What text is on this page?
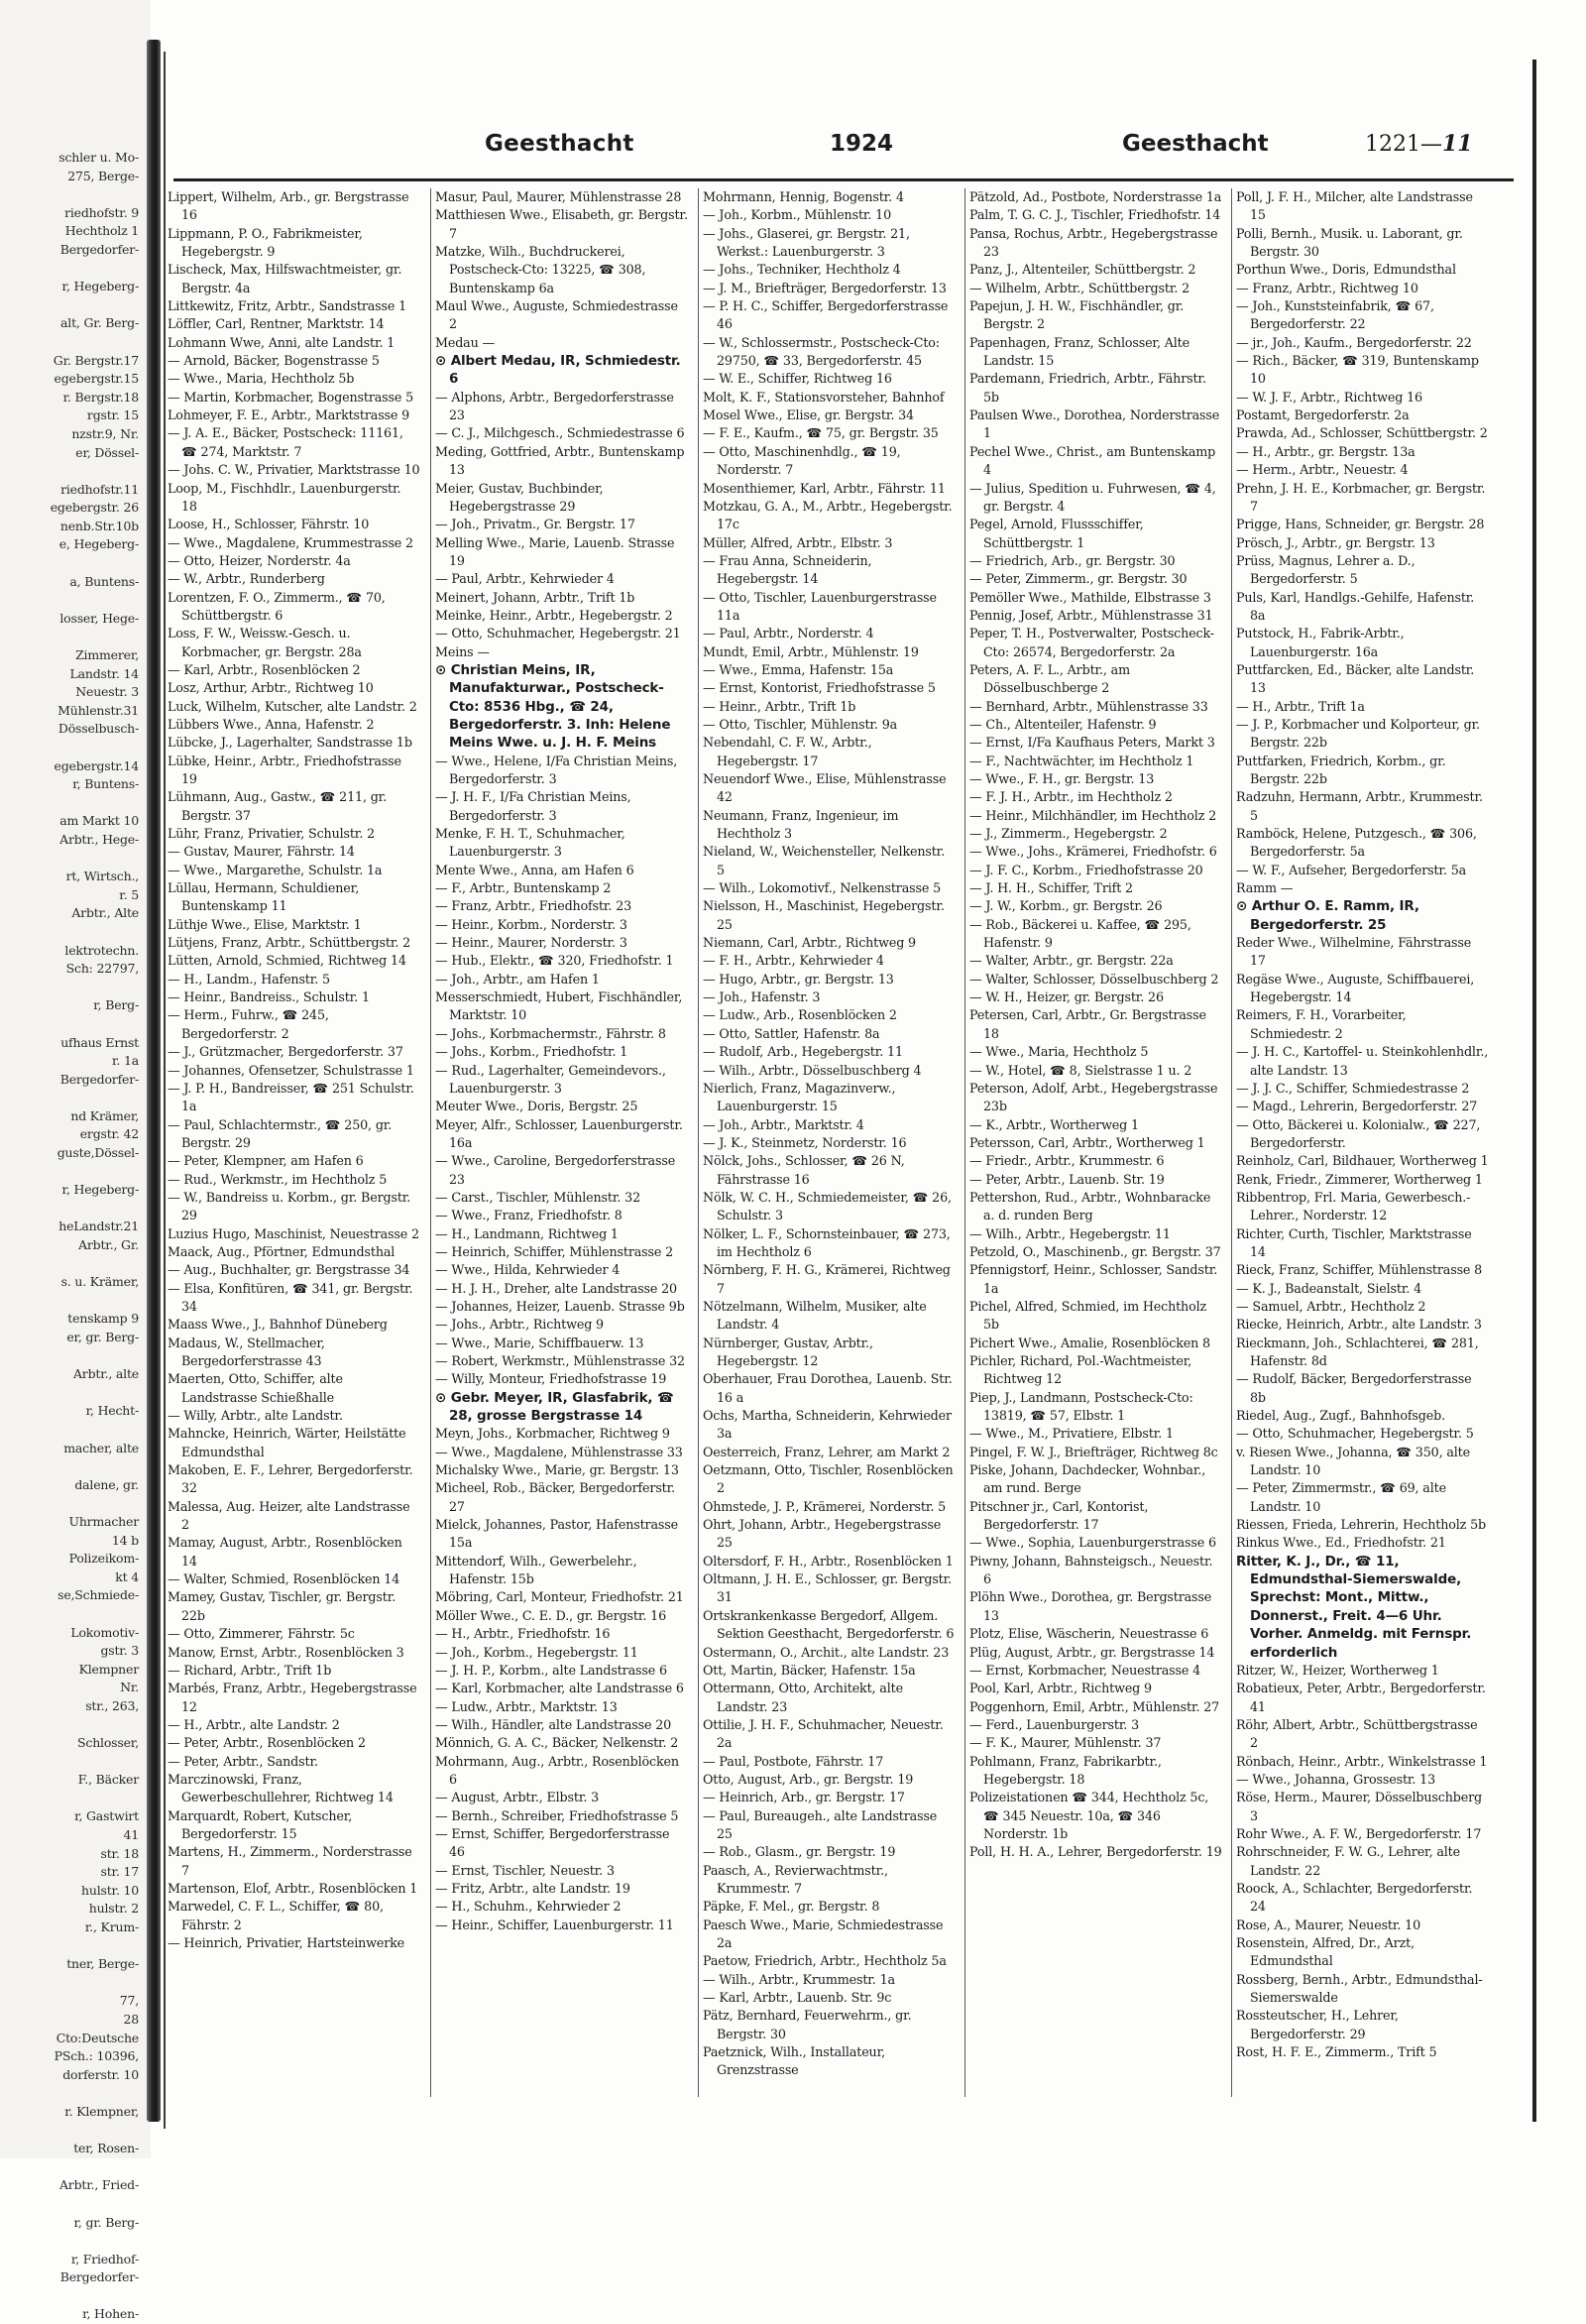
schler u. Mo-
275, Berge-

riedhofstr. 9
Hechtholz 1
Bergedorfer-

r, Hegeberg-

alt, Gr. Berg-

Gr. Bergstr.17
egebergstr.15
r. Bergstr.18
rgstr. 15
nzstr.9, Nr.
er, Dössel-

riedhofstr.11
egebergstr. 26
nenb.Str.10b
e, Hegeberg-

a, Buntens-

losser, Hege-

Zimmerer,
Landstr. 14
Neuestr. 3
Mühlenstr.31
Dösselbusch-

egebergstr.14
r, Buntens-

am Markt 10
Arbtr., Hege-

rt, Wirtsch.,
r. 5
Arbtr., Alte

lektrotechn.
Sch: 22797,

r, Berg-

ufhaus Ernst
r. 1a
Bergedorfer-

nd Krämer,
ergstr. 42
guste,Dössel-

r, Hegeberg-

heLandstr.21
Arbtr., Gr.

s. u. Krämer,

tenskamp 9
er, gr. Berg-

Arbtr., alte

r, Hecht-

macher, alte

dalene, gr.

Uhrmacher
14 b
Polizeikom-
kt 4
se,Schmiede-

Lokomotiv-
gstr. 3
Klempner
Nr.
str., 263,

Schlosser,

F., Bäcker

r, Gastwirt
41
str. 18
str. 17
hulstr. 10
hulstr. 2
r., Krum-

tner, Berge-

77,
28
Cto:Deutsche
PSch.: 10396,
dorferstr. 10

r. Klempner,

ter, Rosen-

Arbtr., Fried-

r, gr. Berg-

r, Friedhof-
Bergedorfer-

r, Hohen-
Geesthacht	1924	Geesthacht	1221—11
Lippert, Wilhelm, Arb., gr. Bergstrasse 16
Lippmann, P. O., Fabrikmeister, Hegebergstr. 9
Lischeck, Max, Hilfswachtmeister, gr. Bergstr. 4a
Littkewitz, Fritz, Arbtr., Sandstrasse 1
Löffler, Carl, Rentner, Marktstr. 14
Lohmann Wwe, Anni, alte Landstr. 1
— Arnold, Bäcker, Bogenstrasse 5
— Wwe., Maria, Hechtholz 5b
— Martin, Korbmacher, Bogenstrasse 5
Lohmeyer, F. E., Arbtr., Marktstrasse 9
— J. A. E., Bäcker, Postscheck: 11161, ☎ 274, Marktstr. 7
— Johs. C. W., Privatier, Marktstrasse 10
Loop, M., Fischhdlr., Lauenburgerstr. 18
Loose, H., Schlosser, Fährstr. 10
— Wwe., Magdalene, Krummestrasse 2
— Otto, Heizer, Norderstr. 4a
— W., Arbtr., Runderberg
Lorentzen, F. O., Zimmerm., ☎ 70, Schüttbergstr. 6
Loss, F. W., Weissw.-Gesch. u. Korbmacher, gr. Bergstr. 28a
— Karl, Arbtr., Rosenblöcken 2
Losz, Arthur, Arbtr., Richtweg 10
Luck, Wilhelm, Kutscher, alte Landstr. 2
Lübbers Wwe., Anna, Hafenstr. 2
Lübcke, J., Lagerhalter, Sandstrasse 1b
Lübke, Heinr., Arbtr., Friedhofstrasse 19
Lühmann, Aug., Gastw., ☎ 211, gr. Bergstr. 37
Lühr, Franz, Privatier, Schulstr. 2
— Gustav, Maurer, Fährstr. 14
— Wwe., Margarethe, Schulstr. 1a
Lüllau, Hermann, Schuldiener, Buntenskamp 11
Lüthje Wwe., Elise, Marktstr. 1
Lütjens, Franz, Arbtr., Schüttbergstr. 2
Lütten, Arnold, Schmied, Richtweg 14
— H., Landm., Hafenstr. 5
— Heinr., Bandreiss., Schulstr. 1
— Herm., Fuhrw., ☎ 245, Bergedorferstr. 2
— J., Grützmacher, Bergedorferstr. 37
— Johannes, Ofensetzer, Schulstrasse 1
— J. P. H., Bandreisser, ☎ 251 Schulstr. 1a
— Paul, Schlachtermstr., ☎ 250, gr. Bergstr. 29
— Peter, Klempner, am Hafen 6
— Rud., Werkmstr., im Hechtholz 5
— W., Bandreiss u. Korbm., gr. Bergstr. 29
Luzius Hugo, Maschinist, Neuestrasse 2
Maack, Aug., Pförtner, Edmundsthal
— Aug., Buchhalter, gr. Bergstrasse 34
— Elsa, Konfitüren, ☎ 341, gr. Bergstr. 34
Maass Wwe., J., Bahnhof Düneberg
Madaus, W., Stellmacher, Bergedorferstrasse 43
Maerten, Otto, Schiffer, alte Landstrasse Schießhalle
— Willy, Arbtr., alte Landstr.
Mahncke, Heinrich, Wärter, Heilstätte Edmundsthal
Makoben, E. F., Lehrer, Bergedorferstr. 32
Malessa, Aug. Heizer, alte Landstrasse 2
Mamay, August, Arbtr., Rosenblöcken 14
— Walter, Schmied, Rosenblöcken 14
Mamey, Gustav, Tischler, gr. Bergstr. 22b
— Otto, Zimmerer, Fährstr. 5c
Manow, Ernst, Arbtr., Rosenblöcken 3
— Richard, Arbtr., Trift 1b
Marbés, Franz, Arbtr., Hegebergstrasse 12
— H., Arbtr., alte Landstr. 2
— Peter, Arbtr., Rosenblöcken 2
— Peter, Arbtr., Sandstr.
Marczinowski, Franz, Gewerbeschullehrer, Richtweg 14
Marquardt, Robert, Kutscher, Bergedorferstr. 15
Martens, H., Zimmerm., Norderstrasse 7
Martenson, Elof, Arbtr., Rosenblöcken 1
Marwedel, C. F. L., Schiffer, ☎ 80, Fährstr. 2
— Heinrich, Privatier, Hartsteinwerke
Masur, Paul, Maurer, Mühlenstrasse 28
Matthiesen Wwe., Elisabeth, gr. Bergstr. 7
Matzke, Wilh., Buchdruckerei, Postscheck-Cto: 13225, ☎ 308, Buntenskamp 6a
Maul Wwe., Auguste, Schmiedestrasse 2
Medau —
⊙ Albert Medau, IR, Schmiedestr. 6
— Alphons, Arbtr., Bergedorferstrasse 23
— C. J., Milchgesch., Schmiedestrasse 6
Meding, Gottfried, Arbtr., Buntenskamp 13
Meier, Gustav, Buchbinder, Hegebergstrasse 29
— Joh., Privatm., Gr. Bergstr. 17
Melling Wwe., Marie, Lauenb. Strasse 19
— Paul, Arbtr., Kehrwieder 4
Meinert, Johann, Arbtr., Trift 1b
Meinke, Heinr., Arbtr., Hegebergstr. 2
— Otto, Schuhmacher, Hegebergstr. 21
Meins —
⊙ Christian Meins, IR, Manufakturwar., Postscheck-Cto: 8536 Hbg., ☎ 24, Bergedorferstr. 3. Inh: Helene Meins Wwe. u. J. H. F. Meins
— Wwe., Helene, I/Fa Christian Meins, Bergedorferstr. 3
— J. H. F., I/Fa Christian Meins, Bergedorferstr. 3
Menke, F. H. T., Schuhmacher, Lauenburgerstr. 3
Mente Wwe., Anna, am Hafen 6
— F., Arbtr., Buntenskamp 2
— Franz, Arbtr., Friedhofstr. 23
— Heinr., Korbm., Norderstr. 3
— Heinr., Maurer, Norderstr. 3
— Hub., Elektr., ☎ 320, Friedhofstr. 1
— Joh., Arbtr., am Hafen 1
Messerschmiedt, Hubert, Fischhändler, Marktstr. 10
— Johs., Korbmachermstr., Fährstr. 8
— Johs., Korbm., Friedhofstr. 1
— Rud., Lagerhalter, Gemeindevors., Lauenburgerstr. 3
Meuter Wwe., Doris, Bergstr. 25
Meyer, Alfr., Schlosser, Lauenburgerstr. 16a
— Wwe., Caroline, Bergedorferstrasse 23
— Carst., Tischler, Mühlenstr. 32
— Wwe., Franz, Friedhofstr. 8
— H., Landmann, Richtweg 1
— Heinrich, Schiffer, Mühlenstrasse 2
— Wwe., Hilda, Kehrwieder 4
— H. J. H., Dreher, alte Landstrasse 20
— Johannes, Heizer, Lauenb. Strasse 9b
— Johs., Arbtr., Richtweg 9
— Wwe., Marie, Schiffbauerw. 13
— Robert, Werkmstr., Mühlenstrasse 32
— Willy, Monteur, Friedhofstrasse 19
⊙ Gebr. Meyer, IR, Glasfabrik, ☎ 28, grosse Bergstrasse 14
Meyn, Johs., Korbmacher, Richtweg 9
— Wwe., Magdalene, Mühlenstrasse 33
Michalsky Wwe., Marie, gr. Bergstr. 13
Micheel, Rob., Bäcker, Bergedorferstr. 27
Mielck, Johannes, Pastor, Hafenstrasse 15a
Mittendorf, Wilh., Gewerbelehr., Hafenstr. 15b
Möbring, Carl, Monteur, Friedhofstr. 21
Möller Wwe., C. E. D., gr. Bergstr. 16
— H., Arbtr., Friedhofstr. 16
— Joh., Korbm., Hegebergstr. 11
— J. H. P., Korbm., alte Landstrasse 6
— Karl, Korbmacher, alte Landstrasse 6
— Ludw., Arbtr., Marktstr. 13
— Wilh., Händler, alte Landstrasse 20
Mönnich, G. A. C., Bäcker, Nelkenstr. 2
Mohrmann, Aug., Arbtr., Rosenblöcken 6
— August, Arbtr., Elbstr. 3
— Bernh., Schreiber, Friedhofstrasse 5
— Ernst, Schiffer, Bergedorferstrasse 46
— Ernst, Tischler, Neuestr. 3
— Fritz, Arbtr., alte Landstr. 19
— H., Schuhm., Kehrwieder 2
— Heinr., Schiffer, Lauenburgerstr. 11
Mohrmann, Hennig, Bogenstr. 4
— Joh., Korbm., Mühlenstr. 10
— Johs., Glaserei, gr. Bergstr. 21, Werkst.: Lauenburgerstr. 3
— Johs., Techniker, Hechtholz 4
— J. M., Briefträger, Bergedorferstr. 13
— P. H. C., Schiffer, Bergedorferstrasse 46
— W., Schlossermstr., Postscheck-Cto: 29750, ☎ 33, Bergedorferstr. 45
— W. E., Schiffer, Richtweg 16
Molt, K. F., Stationsvorsteher, Bahnhof
Mosel Wwe., Elise, gr. Bergstr. 34
— F. E., Kaufm., ☎ 75, gr. Bergstr. 35
— Otto, Maschinenhdlg., ☎ 19, Norderstr. 7
Mosenthiemer, Karl, Arbtr., Fährstr. 11
Motzkau, G. A., M., Arbtr., Hegebergstr. 17c
Müller, Alfred, Arbtr., Elbstr. 3
— Frau Anna, Schneiderin, Hegebergstr. 14
— Otto, Tischler, Lauenburgerstrasse 11a
— Paul, Arbtr., Norderstr. 4
Mundt, Emil, Arbtr., Mühlenstr. 19
— Wwe., Emma, Hafenstr. 15a
— Ernst, Kontorist, Friedhofstrasse 5
— Heinr., Arbtr., Trift 1b
— Otto, Tischler, Mühlenstr. 9a
Nebendahl, C. F. W., Arbtr., Hegebergstr. 17
Neuendorf Wwe., Elise, Mühlenstrasse 42
Neumann, Franz, Ingenieur, im Hechtholz 3
Nieland, W., Weichensteller, Nelkenstr. 5
— Wilh., Lokomotivf., Nelkenstrasse 5
Nielsson, H., Maschinist, Hegebergstr. 25
Niemann, Carl, Arbtr., Richtweg 9
— F. H., Arbtr., Kehrwieder 4
— Hugo, Arbtr., gr. Bergstr. 13
— Joh., Hafenstr. 3
— Ludw., Arb., Rosenblöcken 2
— Otto, Sattler, Hafenstr. 8a
— Rudolf, Arb., Hegebergstr. 11
— Wilh., Arbtr., Dösselbuschberg 4
Nierlich, Franz, Magazinverw., Lauenburgerstr. 15
— Joh., Arbtr., Marktstr. 4
— J. K., Steinmetz, Norderstr. 16
Nölck, Johs., Schlosser, ☎ 26 N, Fährstrasse 16
Nölk, W. C. H., Schmiedemeister, ☎ 26, Schulstr. 3
Nölker, L. F., Schornsteinbauer, ☎ 273, im Hechtholz 6
Nörnberg, F. H. G., Krämerei, Richtweg 7
Nötzelmann, Wilhelm, Musiker, alte Landstr. 4
Nürnberger, Gustav, Arbtr., Hegebergstr. 12
Oberhauer, Frau Dorothea, Lauenb. Str. 16 a
Ochs, Martha, Schneiderin, Kehrwieder 3a
Oesterreich, Franz, Lehrer, am Markt 2
Oetzmann, Otto, Tischler, Rosenblöcken 2
Ohmstede, J. P., Krämerei, Norderstr. 5
Ohrt, Johann, Arbtr., Hegebergstrasse 25
Oltersdorf, F. H., Arbtr., Rosenblöcken 1
Oltmann, J. H. E., Schlosser, gr. Bergstr. 31
Ortskrankenkasse Bergedorf, Allgem. Sektion Geesthacht, Bergedorferstr. 6
Ostermann, O., Archit., alte Landstr. 23
Ott, Martin, Bäcker, Hafenstr. 15a
Ottermann, Otto, Architekt, alte Landstr. 23
Ottilie, J. H. F., Schuhmacher, Neuestr. 2a
— Paul, Postbote, Fährstr. 17
Otto, August, Arb., gr. Bergstr. 19
— Heinrich, Arb., gr. Bergstr. 17
— Paul, Bureaugeh., alte Landstrasse 25
— Rob., Glasm., gr. Bergstr. 19
Paasch, A., Revierwachtmstr., Krummestr. 7
Päpke, F. Mel., gr. Bergstr. 8
Paesch Wwe., Marie, Schmiedestrasse 2a
Paetow, Friedrich, Arbtr., Hechtholz 5a
— Wilh., Arbtr., Krummestr. 1a
— Karl, Arbtr., Lauenb. Str. 9c
Pätz, Bernhard, Feuerwehrm., gr. Bergstr. 30
Paetznick, Wilh., Installateur, Grenzstrasse
Pätzold, Ad., Postbote, Norderstrasse 1a
Palm, T. G. C. J., Tischler, Friedhofstr. 14
Pansa, Rochus, Arbtr., Hegebergstrasse 23
Panz, J., Altenteiler, Schüttbergstr. 2
— Wilhelm, Arbtr., Schüttbergstr. 2
Papejun, J. H. W., Fischhändler, gr. Bergstr. 2
Papenhagen, Franz, Schlosser, Alte Landstr. 15
Pardemann, Friedrich, Arbtr., Fährstr. 5b
Paulsen Wwe., Dorothea, Norderstrasse 1
Pechel Wwe., Christ., am Buntenskamp 4
— Julius, Spedition u. Fuhrwesen, ☎ 4, gr. Bergstr. 4
Pegel, Arnold, Flussschiffer, Schüttbergstr. 1
— Friedrich, Arb., gr. Bergstr. 30
— Peter, Zimmerm., gr. Bergstr. 30
Pemöller Wwe., Mathilde, Elbstrasse 3
Pennig, Josef, Arbtr., Mühlenstrasse 31
Peper, T. H., Postverwalter, Postscheck-Cto: 26574, Bergedorferstr. 2a
Peters, A. F. L., Arbtr., am Dösselbuschberge 2
— Bernhard, Arbtr., Mühlenstrasse 33
— Ch., Altenteiler, Hafenstr. 9
— Ernst, I/Fa Kaufhaus Peters, Markt 3
— F., Nachtwächter, im Hechtholz 1
— Wwe., F. H., gr. Bergstr. 13
— F. J. H., Arbtr., im Hechtholz 2
— Heinr., Milchhändler, im Hechtholz 2
— J., Zimmerm., Hegebergstr. 2
— Wwe., Johs., Krämerei, Friedhofstr. 6
— J. F. C., Korbm., Friedhofstrasse 20
— J. H. H., Schiffer, Trift 2
— J. W., Korbm., gr. Bergstr. 26
— Rob., Bäckerei u. Kaffee, ☎ 295, Hafenstr. 9
— Walter, Arbtr., gr. Bergstr. 22a
— Walter, Schlosser, Dösselbuschberg 2
— W. H., Heizer, gr. Bergstr. 26
Petersen, Carl, Arbtr., Gr. Bergstrasse 18
— Wwe., Maria, Hechtholz 5
— W., Hotel, ☎ 8, Sielstrasse 1 u. 2
Peterson, Adolf, Arbt., Hegebergstrasse 23b
— K., Arbtr., Wortherweg 1
Petersson, Carl, Arbtr., Wortherweg 1
— Friedr., Arbtr., Krummestr. 6
— Peter, Arbtr., Lauenb. Str. 19
Pettershon, Rud., Arbtr., Wohnbaracke a. d. runden Berg
— Wilh., Arbtr., Hegebergstr. 11
Petzold, O., Maschinenb., gr. Bergstr. 37
Pfennigstorf, Heinr., Schlosser, Sandstr. 1a
Pichel, Alfred, Schmied, im Hechtholz 5b
Pichert Wwe., Amalie, Rosenblöcken 8
Pichler, Richard, Pol.-Wachtmeister, Richtweg 12
Piep, J., Landmann, Postscheck-Cto: 13819, ☎ 57, Elbstr. 1
— Wwe., M., Privatiere, Elbstr. 1
Pingel, F. W. J., Briefträger, Richtweg 8c
Piske, Johann, Dachdecker, Wohnbar., am rund. Berge
Pitschner jr., Carl, Kontorist, Bergedorferstr. 17
— Wwe., Sophia, Lauenburgerstrasse 6
Piwny, Johann, Bahnsteigsch., Neuestr. 6
Plöhn Wwe., Dorothea, gr. Bergstrasse 13
Plotz, Elise, Wäscherin, Neuestrasse 6
Plüg, August, Arbtr., gr. Bergstrasse 14
— Ernst, Korbmacher, Neuestrasse 4
Pool, Karl, Arbtr., Richtweg 9
Poggenhorn, Emil, Arbtr., Mühlenstr. 27
— Ferd., Lauenburgerstr. 3
— F. K., Maurer, Mühlenstr. 37
Pohlmann, Franz, Fabrikarbtr., Hegebergstr. 18
Polizeistationen ☎ 344, Hechtholz 5c, ☎ 345 Neuestr. 10a, ☎ 346 Norderstr. 1b
Poll, H. H. A., Lehrer, Bergedorferstr. 19
Poll, J. F. H., Milcher, alte Landstrasse 15
Polli, Bernh., Musik. u. Laborant, gr. Bergstr. 30
Porthun Wwe., Doris, Edmundsthal
— Franz, Arbtr., Richtweg 10
— Joh., Kunststeinfabrik, ☎ 67, Bergedorferstr. 22
— jr., Joh., Kaufm., Bergedorferstr. 22
— Rich., Bäcker, ☎ 319, Buntenskamp 10
— W. J. F., Arbtr., Richtweg 16
Postamt, Bergedorferstr. 2a
Prawda, Ad., Schlosser, Schüttbergstr. 2
— H., Arbtr., gr. Bergstr. 13a
— Herm., Arbtr., Neuestr. 4
Prehn, J. H. E., Korbmacher, gr. Bergstr. 7
Prigge, Hans, Schneider, gr. Bergstr. 28
Prösch, J., Arbtr., gr. Bergstr. 13
Prüss, Magnus, Lehrer a. D., Bergedorferstr. 5
Puls, Karl, Handlgs.-Gehilfe, Hafenstr. 8a
Putstock, H., Fabrik-Arbtr., Lauenburgerstr. 16a
Puttfarcken, Ed., Bäcker, alte Landstr. 13
— H., Arbtr., Trift 1a
— J. P., Korbmacher und Kolporteur, gr. Bergstr. 22b
Puttfarken, Friedrich, Korbm., gr. Bergstr. 22b
Radzuhn, Hermann, Arbtr., Krummestr. 5
Ramböck, Helene, Putzgesch., ☎ 306, Bergedorferstr. 5a
— W. F., Aufseher, Bergedorferstr. 5a
Ramm —
⊙ Arthur O. E. Ramm, IR, Bergedorferstr. 25
Reder Wwe., Wilhelmine, Fährstrasse 17
Regäse Wwe., Auguste, Schiffbauerei, Hegebergstr. 14
Reimers, F. H., Vorarbeiter, Schmiedestr. 2
— J. H. C., Kartoffel- u. Steinkohlenhdlr., alte Landstr. 13
— J. J. C., Schiffer, Schmiedestrasse 2
— Magd., Lehrerin, Bergedorferstr. 27
— Otto, Bäckerei u. Kolonialw., ☎ 227, Bergedorferstr.
Reinholz, Carl, Bildhauer, Wortherweg 1
Renk, Friedr., Zimmerer, Wortherweg 1
Ribbentrop, Frl. Maria, Gewerbesch.-Lehrer., Norderstr. 12
Richter, Curth, Tischler, Marktstrasse 14
Rieck, Franz, Schiffer, Mühlenstrasse 8
— K. J., Badeanstalt, Sielstr. 4
— Samuel, Arbtr., Hechtholz 2
Riecke, Heinrich, Arbtr., alte Landstr. 3
Rieckmann, Joh., Schlachterei, ☎ 281, Hafenstr. 8d
— Rudolf, Bäcker, Bergedorferstrasse 8b
Riedel, Aug., Zugf., Bahnhofsgeb.
— Otto, Schuhmacher, Hegebergstr. 5
v. Riesen Wwe., Johanna, ☎ 350, alte Landstr. 10
— Peter, Zimmermstr., ☎ 69, alte Landstr. 10
Riessen, Frieda, Lehrerin, Hechtholz 5b
Rinkus Wwe., Ed., Friedhofstr. 21
Ritter, K. J., Dr., ☎ 11, Edmundsthal-Siemerswalde, Sprechst: Mont., Mittw., Donnerst., Freit. 4—6 Uhr. Vorher. Anmeldg. mit Fernspr. erforderlich
Ritzer, W., Heizer, Wortherweg 1
Robatieux, Peter, Arbtr., Bergedorferstr. 41
Röhr, Albert, Arbtr., Schüttbergstrasse 2
Rönbach, Heinr., Arbtr., Winkelstrasse 1
— Wwe., Johanna, Grossestr. 13
Röse, Herm., Maurer, Dösselbuschberg 3
Rohr Wwe., A. F. W., Bergedorferstr. 17
Rohrschneider, F. W. G., Lehrer, alte Landstr. 22
Roock, A., Schlachter, Bergedorferstr. 24
Rose, A., Maurer, Neuestr. 10
Rosenstein, Alfred, Dr., Arzt, Edmundsthal
Rossberg, Bernh., Arbtr., Edmundsthal-Siemerswalde
Rossteutscher, H., Lehrer, Bergedorferstr. 29
Rost, H. F. E., Zimmerm., Trift 5
